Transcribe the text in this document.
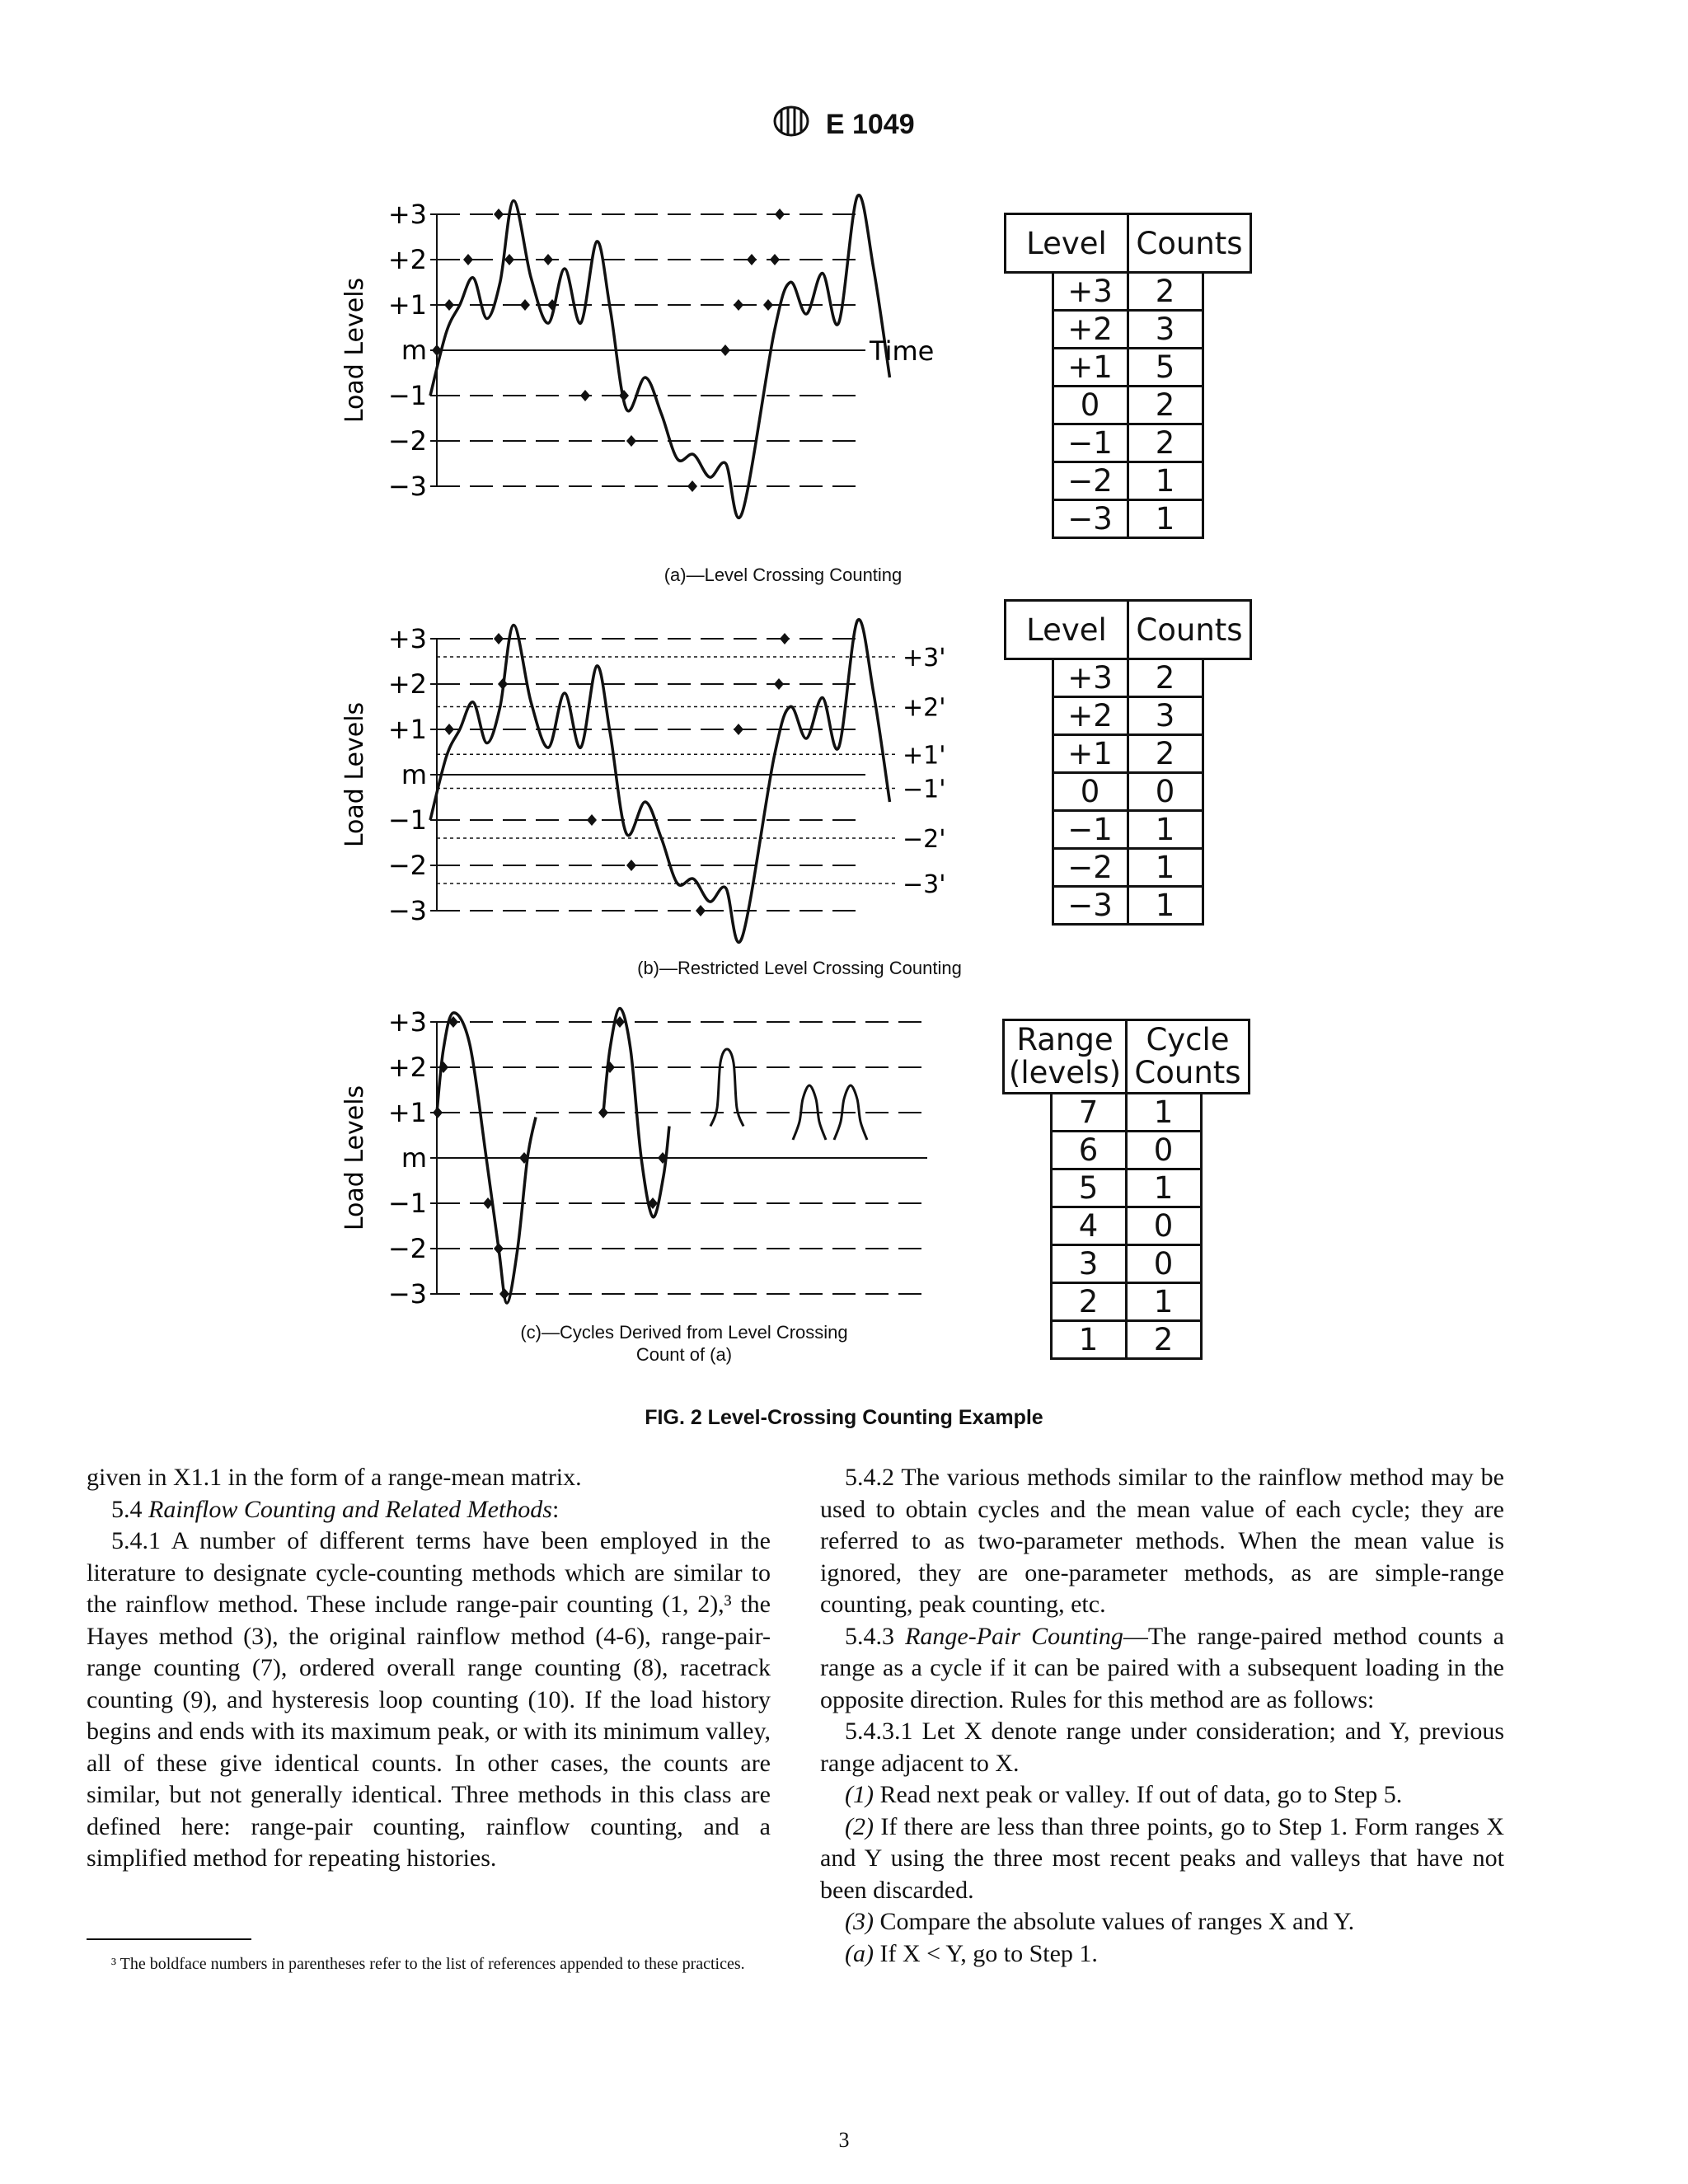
E 1049
Load Levels
+3
+2
+1
m
−1
−2
−3
Time
(a)—Level Crossing Counting
Load Levels
+3
+2
+1
m
−1
−2
−3
+3'
+2'
+1'
−1'
−2'
−3'
(b)—Restricted Level Crossing Counting
Load Levels
+3
+2
+1
m
−1
−2
−3
(c)—Cycles Derived from Level Crossing
Count of (a)
Level	Counts

+3	2
+2	3
+1	5
0	2
−1	2
−2	1
−3	1
Level	Counts

+3	2
+2	3
+1	2
0	0
−1	1
−2	1
−3	1
Range
(levels)

Cycle
Counts

7	1
6	0
5	1
4	0
3	0
2	1
1	2
FIG. 2 Level-Crossing Counting Example

given in X1.1 in the form of a range-mean matrix.

5.4 Rainflow Counting and Related Methods:

5.4.1 A number of different terms have been employed in the literature to designate cycle-counting methods which are similar to the rainflow method. These include range-pair counting (1, 2),³ the Hayes method (3), the original rainflow method (4-6), range-pair-range counting (7), ordered overall range counting (8), racetrack counting (9), and hysteresis loop counting (10). If the load history begins and ends with its maximum peak, or with its minimum valley, all of these give identical counts. In other cases, the counts are similar, but not generally identical. Three methods in this class are defined here: range-pair counting, rainflow counting, and a simplified method for repeating histories.

³ The boldface numbers in parentheses refer to the list of references appended to these practices.

5.4.2 The various methods similar to the rainflow method may be used to obtain cycles and the mean value of each cycle; they are referred to as two-parameter methods. When the mean value is ignored, they are one-parameter methods, as are simple-range counting, peak counting, etc.

5.4.3 Range-Pair Counting—The range-paired method counts a range as a cycle if it can be paired with a subsequent loading in the opposite direction. Rules for this method are as follows:

5.4.3.1 Let X denote range under consideration; and Y, previous range adjacent to X.

(1) Read next peak or valley. If out of data, go to Step 5.

(2) If there are less than three points, go to Step 1. Form ranges X and Y using the three most recent peaks and valleys that have not been discarded.

(3) Compare the absolute values of ranges X and Y.

(a) If X < Y, go to Step 1.

3
